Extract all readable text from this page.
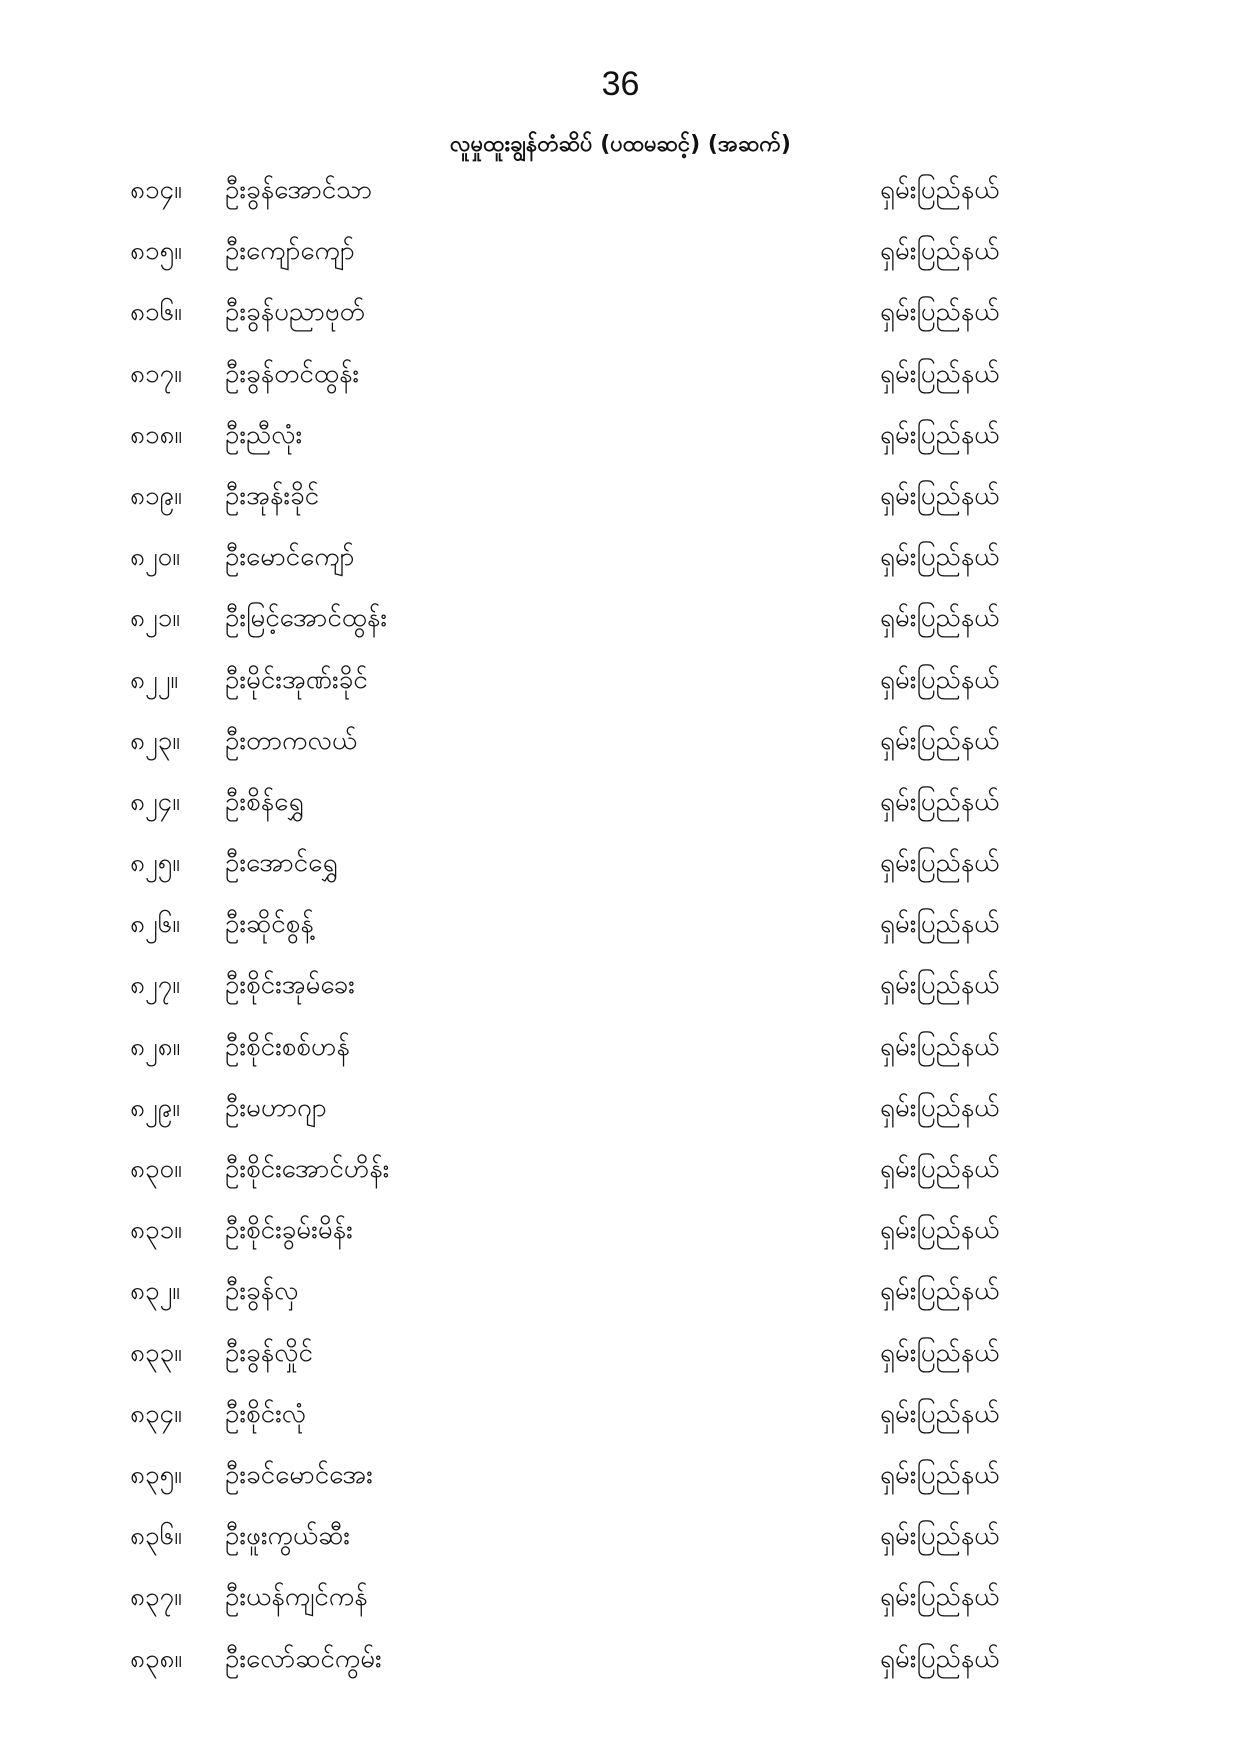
36
လူမှုထူးချွန်တံဆိပ် (ပထမဆင့်) (အဆက်)
၈၁၄။ ဦးခွန်အောင်သာ	ရှမ်းပြည်နယ်
၈၁၅။ ဦးကျော်ကျော်	ရှမ်းပြည်နယ်
၈၁၆။ ဦးခွန်ပညာဗုတ်	ရှမ်းပြည်နယ်
၈၁၇။ ဦးခွန်တင်ထွန်း	ရှမ်းပြည်နယ်
၈၁၈။ ဦးညီလုံး	ရှမ်းပြည်နယ်
၈၁၉။ ဦးအုန်းခိုင်	ရှမ်းပြည်နယ်
၈၂၀။ ဦးမောင်ကျော်	ရှမ်းပြည်နယ်
၈၂၁။ ဦးမြင့်အောင်ထွန်း	ရှမ်းပြည်နယ်
၈၂၂။ ဦးမိုင်းအုဏ်းခိုင်	ရှမ်းပြည်နယ်
၈၂၃။ ဦးတာကလယ်	ရှမ်းပြည်နယ်
၈၂၄။ ဦးစိန်ရွှေ	ရှမ်းပြည်နယ်
၈၂၅။ ဦးအောင်ရွှေ	ရှမ်းပြည်နယ်
၈၂၆။ ဦးဆိုင်စွန့်	ရှမ်းပြည်နယ်
၈၂၇။ ဦးစိုင်းအုမ်ခေး	ရှမ်းပြည်နယ်
၈၂၈။ ဦးစိုင်းစစ်ဟန်	ရှမ်းပြည်နယ်
၈၂၉။ ဦးမဟာဂျာ	ရှမ်းပြည်နယ်
၈၃၀။ ဦးစိုင်းအောင်ဟိန်း	ရှမ်းပြည်နယ်
၈၃၁။ ဦးစိုင်းခွမ်းမိန်း	ရှမ်းပြည်နယ်
၈၃၂။ ဦးခွန်လှ	ရှမ်းပြည်နယ်
၈၃၃။ ဦးခွန်လှိုင်	ရှမ်းပြည်နယ်
၈၃၄။ ဦးစိုင်းလုံ	ရှမ်းပြည်နယ်
၈၃၅။ ဦးခင်မောင်အေး	ရှမ်းပြည်နယ်
၈၃၆။ ဦးဖူးကွယ်ဆီး	ရှမ်းပြည်နယ်
၈၃၇။ ဦးယန်ကျင်ကန်	ရှမ်းပြည်နယ်
၈၃၈။ ဦးလော်ဆင်ကွမ်း	ရှမ်းပြည်နယ်
